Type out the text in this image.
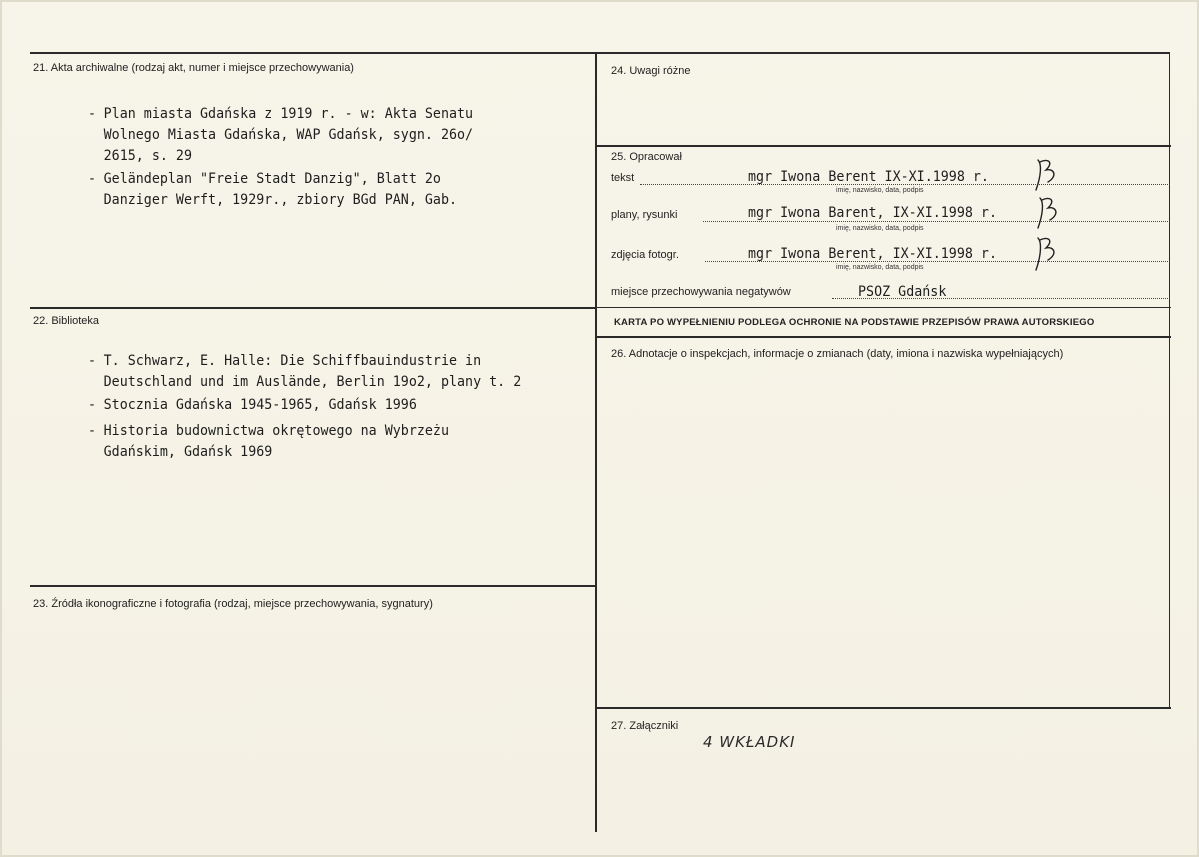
21. Akta archiwalne (rodzaj akt, numer i miejsce przechowywania)
- Plan miasta Gdańska z 1919 r. - w: Akta Senatu
Wolnego Miasta Gdańska, WAP Gdańsk, sygn. 26o/
2615, s. 29
- Geländeplan "Freie Stadt Danzig", Blatt 2o
Danziger Werft, 1929r., zbiory BGd PAN, Gab.
22. Biblioteka
- T. Schwarz, E. Halle: Die Schiffbauindustrie in
Deutschland und im Auslände, Berlin 19o2, plany t. 2
- Stocznia Gdańska 1945-1965, Gdańsk 1996
- Historia budownictwa okrętowego na Wybrzeżu
Gdańskim, Gdańsk 1969
23. Źródła ikonograficzne i fotografia (rodzaj, miejsce przechowywania, sygnatury)
24. Uwagi różne
25. Opracował
tekst	mgr Iwona Berent IX-XI.1998 r.
imię, nazwisko, data, podpis
plany, rysunki	mgr Iwona Barent, IX-XI.1998 r.
imię, nazwisko, data, podpis
zdjęcia fotogr.	mgr Iwona Berent, IX-XI.1998 r.
imię, nazwisko, data, podpis
miejsce przechowywania negatywów	PSOZ Gdańsk
KARTA PO WYPEŁNIENIU PODLEGA OCHRONIE NA PODSTAWIE PRZEPISÓW PRAWA AUTORSKIEGO
26. Adnotacje o inspekcjach, informacje o zmianach (daty, imiona i nazwiska wypełniających)
27. Załączniki
4 WKŁADKI
